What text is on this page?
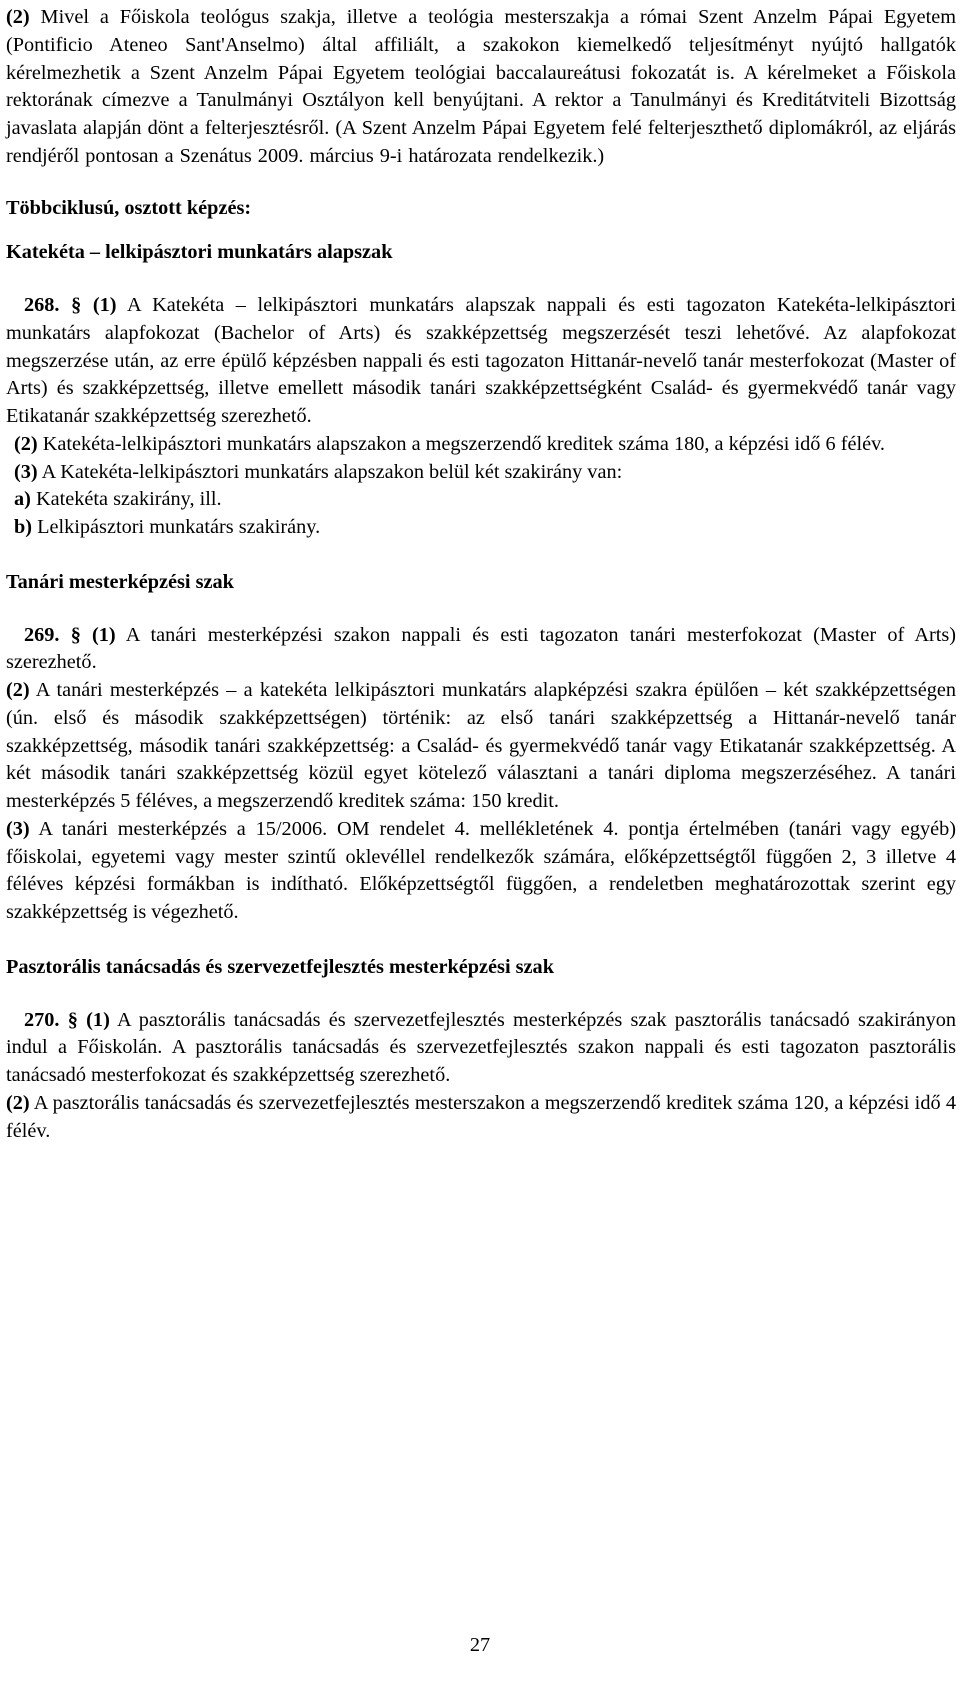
(2) Mivel a Főiskola teológus szakja, illetve a teológia mesterszakja a római Szent Anzelm Pápai Egyetem (Pontificio Ateneo Sant'Anselmo) által affiliált, a szakokon kiemelkedő teljesítményt nyújtó hallgatók kérelmezhetik a Szent Anzelm Pápai Egyetem teológiai baccalaureátusi fokozatát is. A kérelmeket a Főiskola rektorának címezve a Tanulmányi Osztályon kell benyújtani. A rektor a Tanulmányi és Kreditátviteli Bizottság javaslata alapján dönt a felterjesztésről. (A Szent Anzelm Pápai Egyetem felé felterjeszthető diplomákról, az eljárás rendjéről pontosan a Szenátus 2009. március 9-i határozata rendelkezik.)

Többciklusú, osztott képzés:
Katekéta – lelkipásztori munkatárs alapszak

268. § (1) A Katekéta – lelkipásztori munkatárs alapszak nappali és esti tagozaton Katekéta-lelkipásztori munkatárs alapfokozat (Bachelor of Arts) és szakképzettség megszerzését teszi lehetővé. Az alapfokozat megszerzése után, az erre épülő képzésben nappali és esti tagozaton Hittanár-nevelő tanár mesterfokozat (Master of Arts) és szakképzettség, illetve emellett második tanári szakképzettségként Család- és gyermekvédő tanár vagy Etikatanár szakképzettség szerezhető.

(2) Katekéta-lelkipásztori munkatárs alapszakon a megszerzendő kreditek száma 180, a képzési idő 6 félév.

(3) A Katekéta-lelkipásztori munkatárs alapszakon belül két szakirány van:

a) Katekéta szakirány, ill.

b) Lelkipásztori munkatárs szakirány.

Tanári mesterképzési szak

269. § (1) A tanári mesterképzési szakon nappali és esti tagozaton tanári mesterfokozat (Master of Arts) szerezhető.

(2) A tanári mesterképzés – a katekéta lelkipásztori munkatárs alapképzési szakra épülően – két szakképzettségen (ún. első és második szakképzettségen) történik: az első tanári szakképzettség a Hittanár-nevelő tanár szakképzettség, második tanári szakképzettség: a Család- és gyermekvédő tanár vagy Etikatanár szakképzettség. A két második tanári szakképzettség közül egyet kötelező választani a tanári diploma megszerzéséhez. A tanári mesterképzés 5 féléves, a megszerzendő kreditek száma: 150 kredit.

(3) A tanári mesterképzés a 15/2006. OM rendelet 4. mellékletének 4. pontja értelmében (tanári vagy egyéb) főiskolai, egyetemi vagy mester szintű oklevéllel rendelkezők számára, előképzettségtől függően 2, 3 illetve 4 féléves képzési formákban is indítható. Előképzettségtől függően, a rendeletben meghatározottak szerint egy szakképzettség is végezhető.

Pasztorális tanácsadás és szervezetfejlesztés mesterképzési szak

270. § (1) A pasztorális tanácsadás és szervezetfejlesztés mesterképzés szak pasztorális tanácsadó szakirányon indul a Főiskolán. A pasztorális tanácsadás és szervezetfejlesztés szakon nappali és esti tagozaton pasztorális tanácsadó mesterfokozat és szakképzettség szerezhető.

(2) A pasztorális tanácsadás és szervezetfejlesztés mesterszakon a megszerzendő kreditek száma 120, a képzési idő 4 félév.

27
